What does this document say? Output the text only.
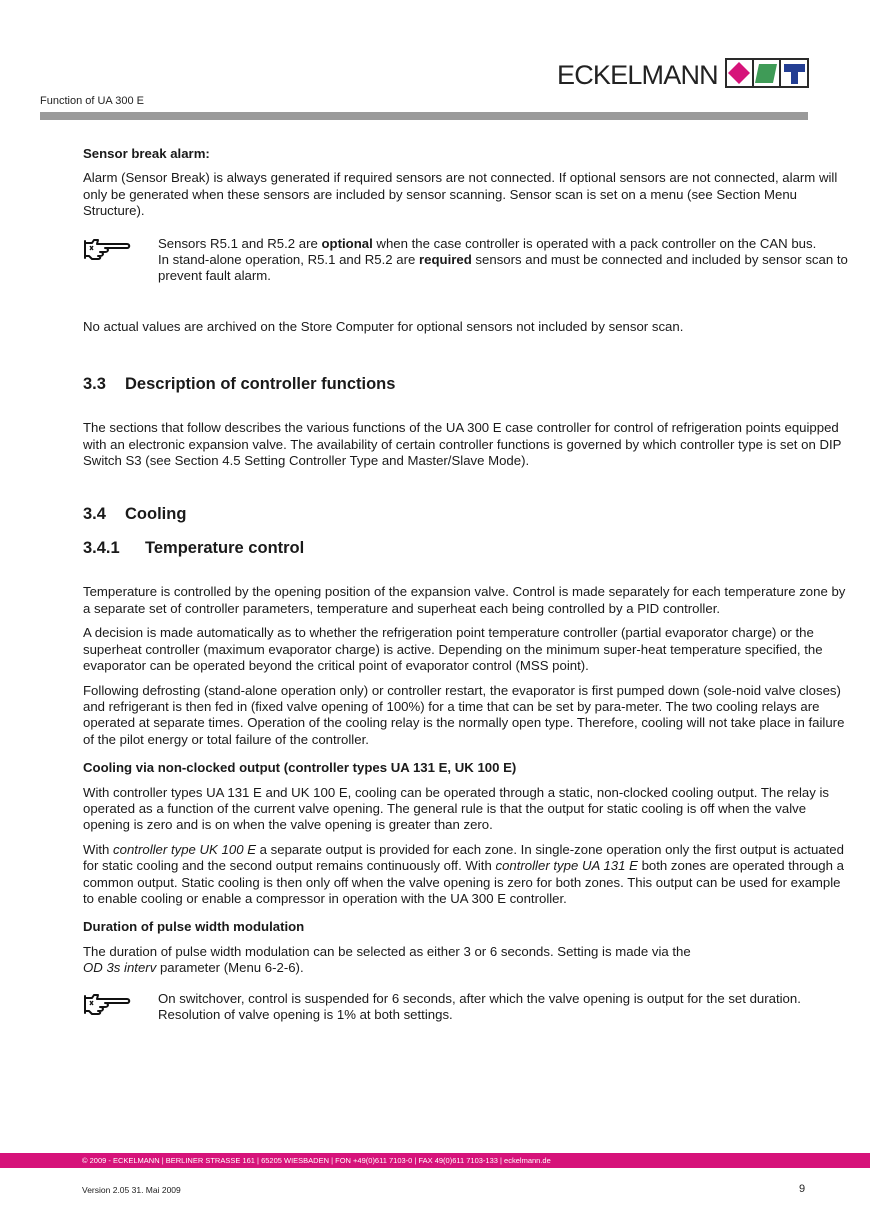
ECKELMANN
Function of UA 300 E
Sensor break alarm:

Alarm (Sensor Break) is always generated if required sensors are not connected. If optional sensors are not connected, alarm will only be generated when these sensors are included by sensor scanning. Sensor scan is set on a menu (see Section Menu Structure).

Sensors R5.1 and R5.2 are optional when the case controller is operated with a pack controller on the CAN bus.
In stand-alone operation, R5.1 and R5.2 are required sensors and must be connected and included by sensor scan to prevent fault alarm.

No actual values are archived on the Store Computer for optional sensors not included by sensor scan.

3.3 Description of controller functions

The sections that follow describes the various functions of the UA 300 E case controller for control of refrigeration points equipped with an electronic expansion valve. The availability of certain controller functions is governed by which controller type is set on DIP Switch S3 (see Section 4.5 Setting Controller Type and Master/Slave Mode).

3.4 Cooling
3.4.1 Temperature control

Temperature is controlled by the opening position of the expansion valve. Control is made separately for each temperature zone by a separate set of controller parameters, temperature and superheat each being controlled by a PID controller.

A decision is made automatically as to whether the refrigeration point temperature controller (partial evaporator charge) or the superheat controller (maximum evaporator charge) is active. Depending on the minimum super-heat temperature specified, the evaporator can be operated beyond the critical point of evaporator control (MSS point).

Following defrosting (stand-alone operation only) or controller restart, the evaporator is first pumped down (sole-noid valve closes) and refrigerant is then fed in (fixed valve opening of 100%) for a time that can be set by para-meter. The two cooling relays are operated at separate times. Operation of the cooling relay is the normally open type. Therefore, cooling will not take place in failure of the pilot energy or total failure of the controller.

Cooling via non-clocked output (controller types UA 131 E, UK 100 E)

With controller types UA 131 E and UK 100 E, cooling can be operated through a static, non-clocked cooling output. The relay is operated as a function of the current valve opening. The general rule is that the output for static cooling is off when the valve opening is zero and is on when the valve opening is greater than zero.

With controller type UK 100 E a separate output is provided for each zone. In single-zone operation only the first output is actuated for static cooling and the second output remains continuously off. With controller type UA 131 E both zones are operated through a common output. Static cooling is then only off when the valve opening is zero for both zones. This output can be used for example to enable cooling or enable a compressor in operation with the UA 300 E controller.

Duration of pulse width modulation

The duration of pulse width modulation can be selected as either 3 or 6 seconds. Setting is made via the
OD 3s interv parameter (Menu 6-2-6).

On switchover, control is suspended for 6 seconds, after which the valve opening is output for the set duration. Resolution of valve opening is 1% at both settings.
© 2009 - ECKELMANN | BERLINER STRASSE 161 | 65205 WIESBADEN | FON +49(0)611 7103-0 | FAX 49(0)611 7103-133 | eckelmann.de
Version 2.05 31. Mai 2009	9
